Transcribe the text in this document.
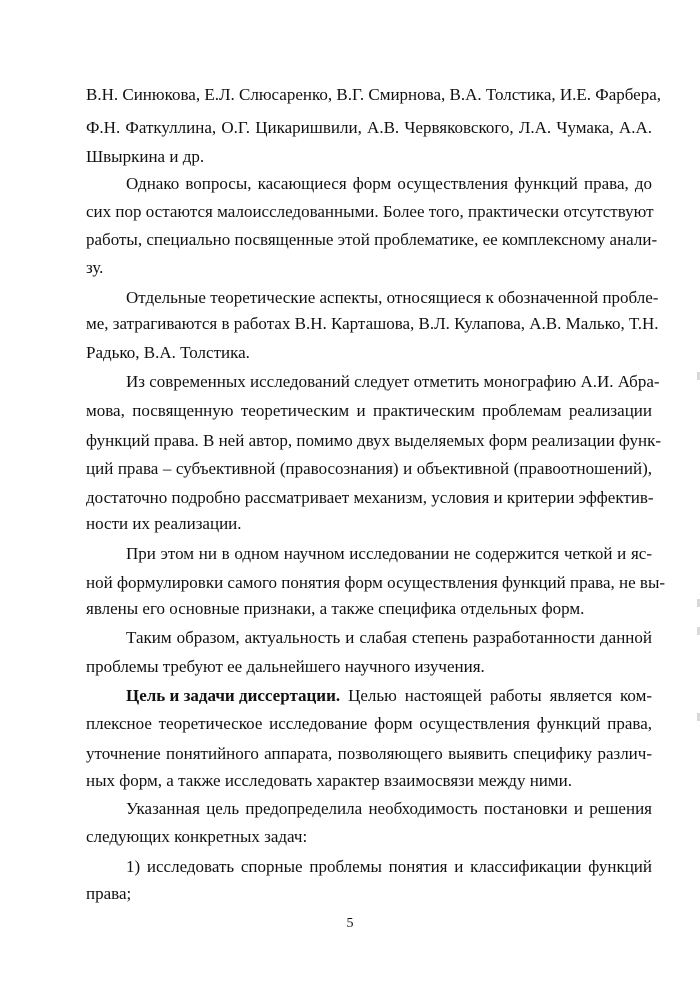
В.Н. Синюкова, Е.Л. Слюсаренко, В.Г. Смирнова, В.А. Толстика, И.Е. Фарбера,
Ф.Н. Фаткуллина, О.Г. Цикаришвили, А.В. Червяковского, Л.А. Чумака, А.А.
Швыркина и др.
Однако вопросы, касающиеся форм осуществления функций права, до
сих пор остаются малоисследованными. Более того, практически отсутствуют
работы, специально посвященные этой проблематике, ее комплексному анали-
зу.
Отдельные теоретические аспекты, относящиеся к обозначенной пробле-
ме, затрагиваются в работах В.Н. Карташова, В.Л. Кулапова, А.В. Малько, Т.Н.
Радько, В.А. Толстика.
Из современных исследований следует отметить монографию А.И. Абра-
мова, посвященную теоретическим и практическим проблемам реализации
функций права. В ней автор, помимо двух выделяемых форм реализации функ-
ций права – субъективной (правосознания) и объективной (правоотношений),
достаточно подробно рассматривает механизм, условия и критерии эффектив-
ности их реализации.
При этом ни в одном научном исследовании не содержится четкой и яс-
ной формулировки самого понятия форм осуществления функций права, не вы-
явлены его основные признаки, а также специфика отдельных форм.
Таким образом, актуальность и слабая степень разработанности данной
проблемы требуют ее дальнейшего научного изучения.
Цель и задачи диссертации. Целью настоящей работы является ком-
плексное теоретическое исследование форм осуществления функций права,
уточнение понятийного аппарата, позволяющего выявить специфику различ-
ных форм, а также исследовать характер взаимосвязи между ними.
Указанная цель предопределила необходимость постановки и решения
следующих конкретных задач:
1) исследовать спорные проблемы понятия и классификации функций
права;
5
